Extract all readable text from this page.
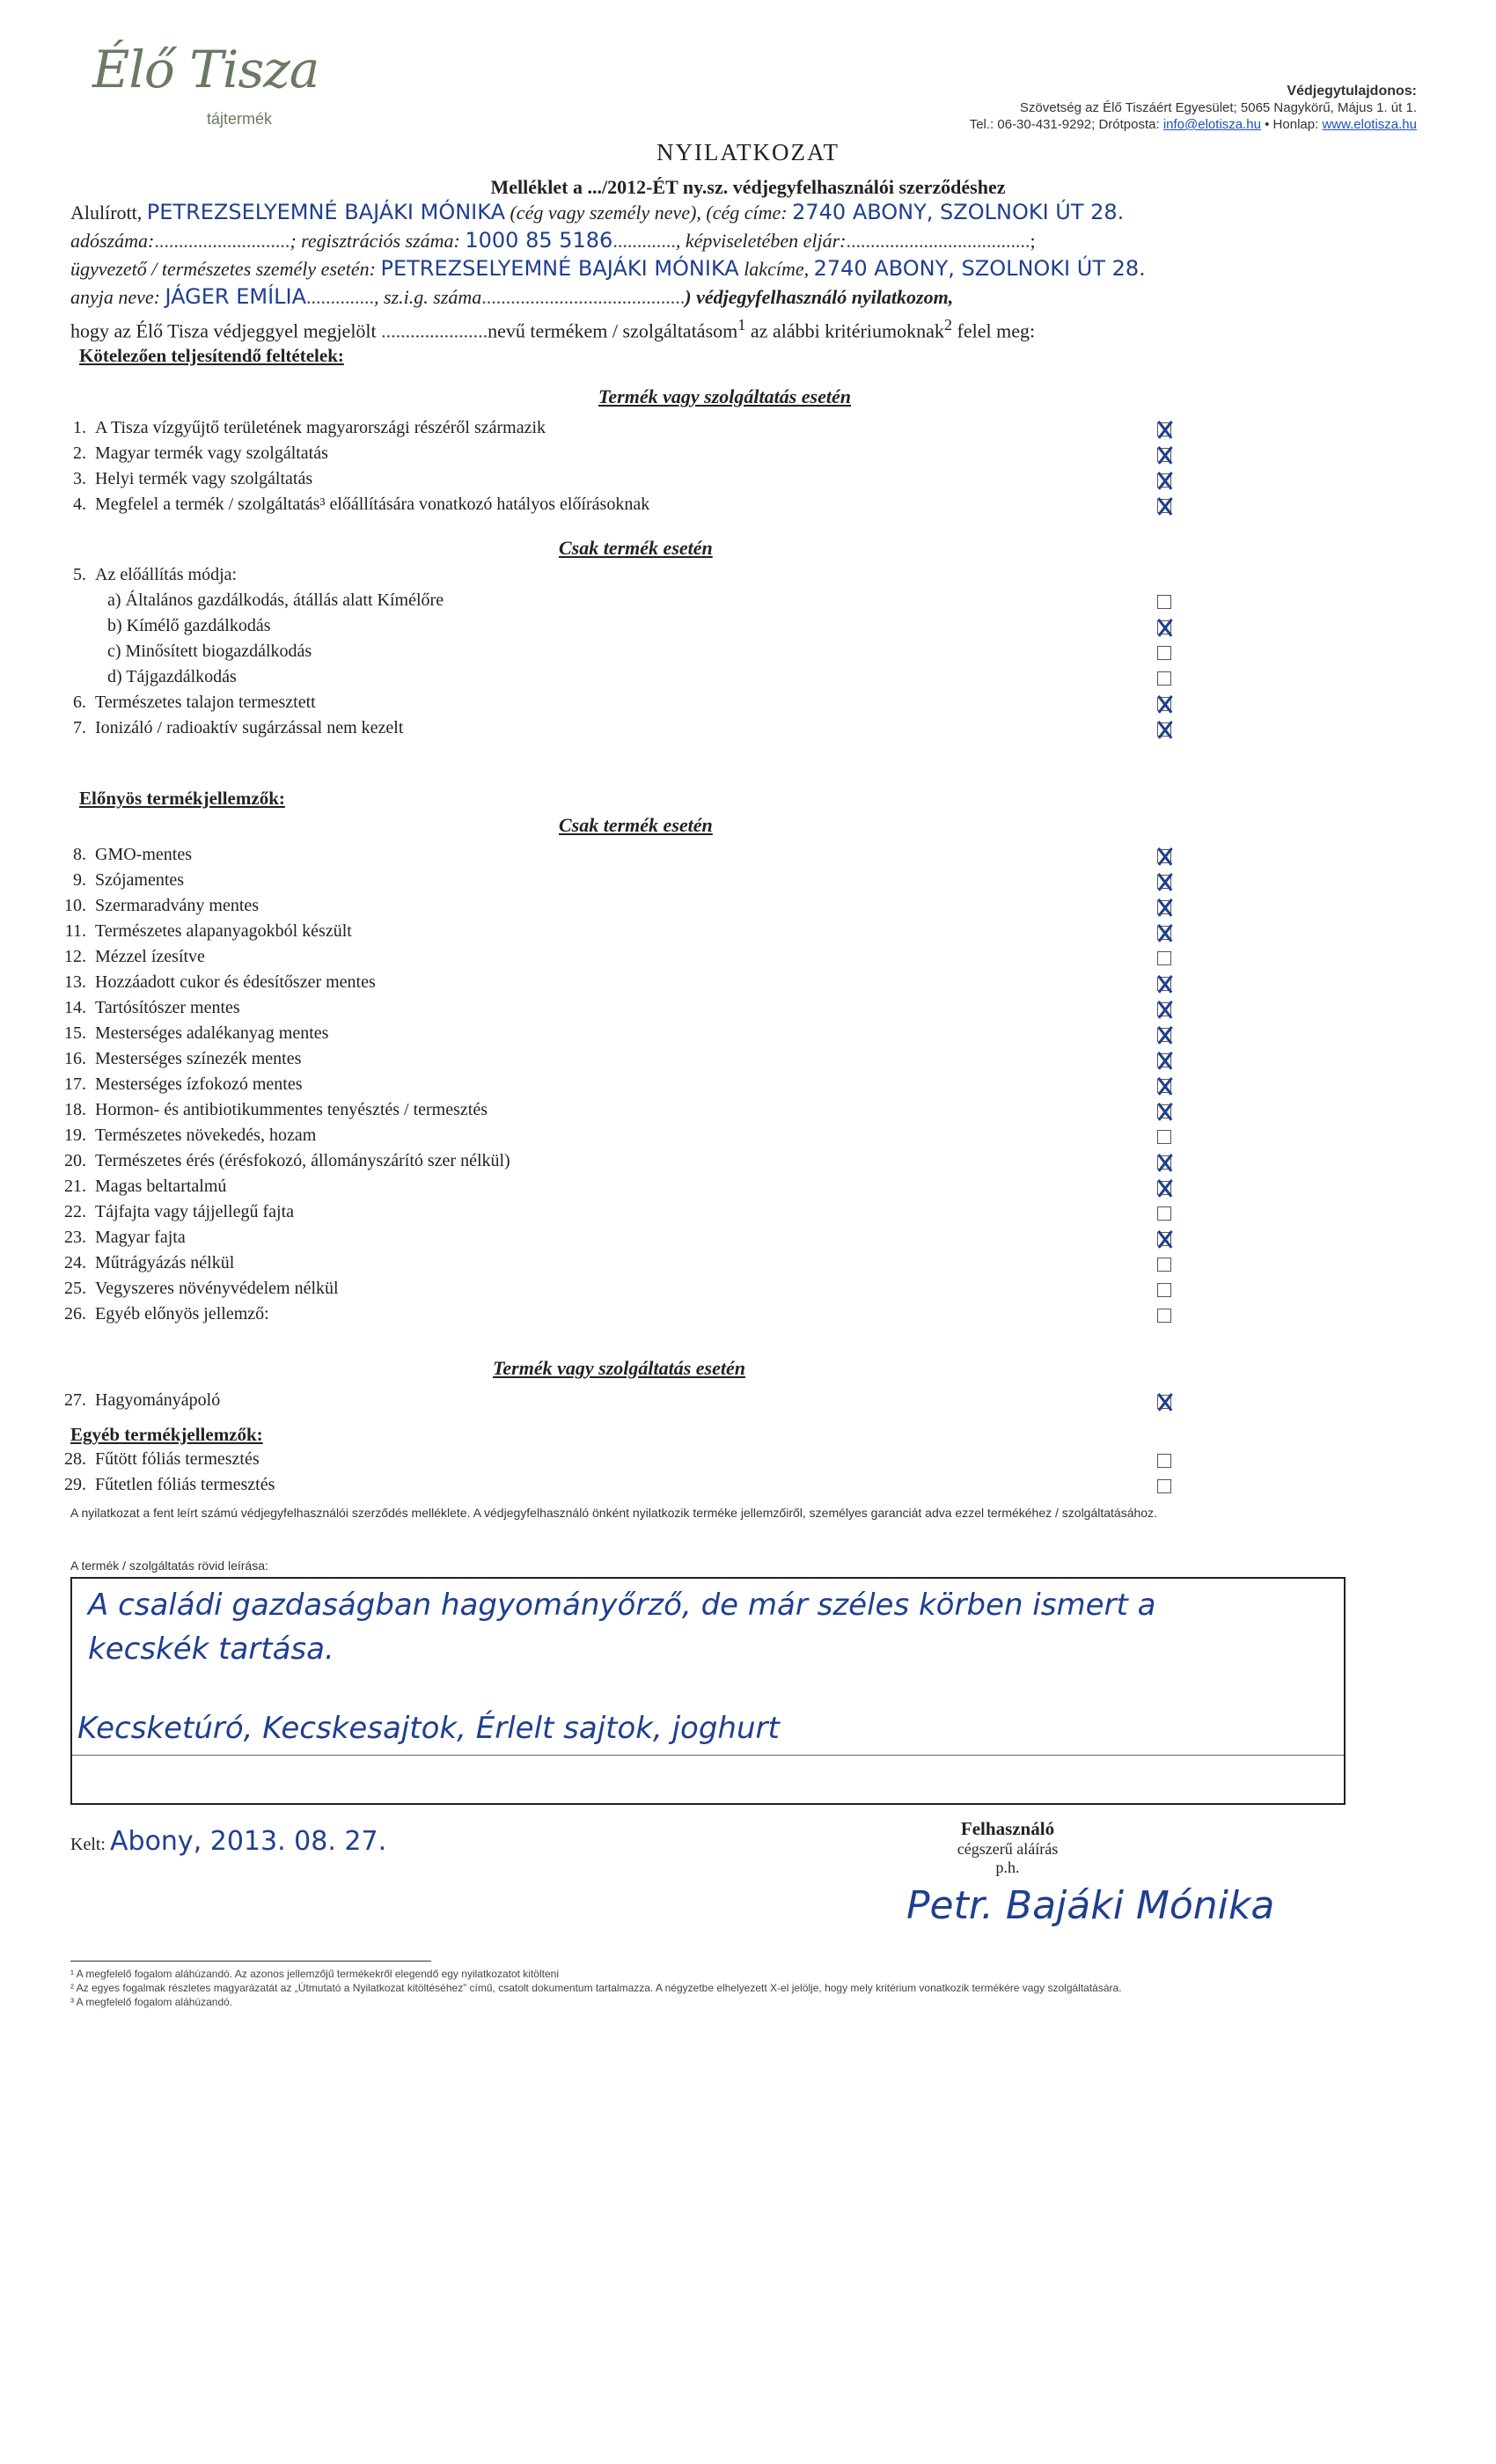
Élő Tisza
tájtermék
Védjegytulajdonos:
Szövetség az Élő Tiszáért Egyesület; 5065 Nagykörű, Május 1. út 1.
Tel.: 06-30-431-9292; Drótposta: info@elotisza.hu • Honlap: www.elotisza.hu
NYILATKOZAT
Melléklet a .../2012-ÉT ny.sz. védjegyfelhasználói szerződéshez
Alulírott, PETREZSELYEMNÉ BAJÁKI MÓNIKA (cég vagy személy neve), (cég címe: 2740 ABONY, SZOLNOKI ÚT 28.
adószáma:............................; regisztrációs száma: 1000 85 5186............., képviseletében eljár:......................................;
ügyvezető / természetes személy esetén: PETREZSELYEMNÉ BAJÁKI MÓNIKA lakcíme, 2740 ABONY, SZOLNOKI ÚT 28.
anyja neve: JÁGER EMÍLIA.............., sz.i.g. száma..........................................) védjegyfelhasználó nyilatkozom,
hogy az Élő Tisza védjeggyel megjelölt ......................nevű termékem / szolgáltatásom$^1$ az alábbi kritériumoknak$^2$ felel meg:
Kötelezően teljesítendő feltételek:
Termék vagy szolgáltatás esetén
1. A Tisza vízgyűjtő területének magyarországi részéről származik
2. Magyar termék vagy szolgáltatás
3. Helyi termék vagy szolgáltatás
4. Megfelel a termék / szolgáltatás³ előállítására vonatkozó hatályos előírásoknak
Csak termék esetén
5. Az előállítás módja:
a) Általános gazdálkodás, átállás alatt Kímélőre
b) Kímélő gazdálkodás
c) Minősített biogazdálkodás
d) Tájgazdálkodás
6. Természetes talajon termesztett
7. Ionizáló / radioaktív sugárzással nem kezelt
Előnyös termékjellemzők:
Csak termék esetén
8. GMO-mentes
9. Szójamentes
10. Szermaradvány mentes
11. Természetes alapanyagokból készült
12. Mézzel ízesítve
13. Hozzáadott cukor és édesítőszer mentes
14. Tartósítószer mentes
15. Mesterséges adalékanyag mentes
16. Mesterséges színezék mentes
17. Mesterséges ízfokozó mentes
18. Hormon- és antibiotikummentes tenyésztés / termesztés
19. Természetes növekedés, hozam
20. Természetes érés (érésfokozó, állományszárító szer nélkül)
21. Magas beltartalmú
22. Tájfajta vagy tájjellegű fajta
23. Magyar fajta
24. Műtrágyázás nélkül
25. Vegyszeres növényvédelem nélkül
26. Egyéb előnyös jellemző:
Termék vagy szolgáltatás esetén
27. Hagyományápoló
Egyéb termékjellemzők:
28. Fűtött fóliás termesztés
29. Fűtetlen fóliás termesztés
A nyilatkozat a fent leírt számú védjegyfelhasználói szerződés melléklete. A védjegyfelhasználó önként nyilatkozik terméke jellemzőiről, személyes garanciát adva ezzel termékéhez / szolgáltatásához.
A termék / szolgáltatás rövid leírása:
A családi gazdaságban hagyományőrző, de már széles körben ismert a
kecskék tartása.
Kecsketúró, Kecskesajtok, Érlelt sajtok, joghurt
Kelt: Abony, 2013. 08. 27.	Felhasználó
cégszerű aláírás
p.h.
Petr. Bajáki Mónika
¹ A megfelelő fogalom aláhúzandó. Az azonos jellemzőjű termékekről elegendő egy nyilatkozatot kitölteni
² Az egyes fogalmak részletes magyarázatát az „Útmutató a Nyilatkozat kitöltéséhez” című, csatolt dokumentum tartalmazza. A négyzetbe elhelyezett X-el jelölje, hogy mely kritérium vonatkozik termékére vagy szolgáltatására.
³ A megfelelő fogalom aláhúzandó.
